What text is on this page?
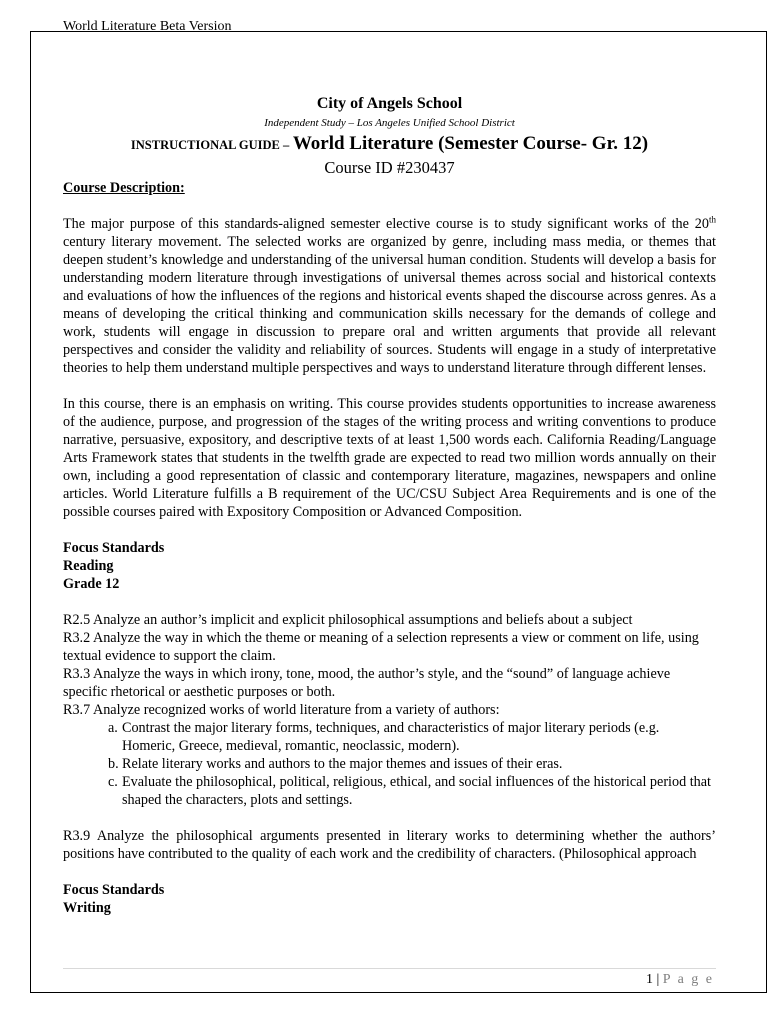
World Literature Beta Version
City of Angels School
Independent Study – Los Angeles Unified School District
INSTRUCTIONAL GUIDE – World Literature (Semester Course- Gr. 12)
Course ID #230437
Course Description:

The major purpose of this standards-aligned semester elective course is to study significant works of the 20th century literary movement. The selected works are organized by genre, including mass media, or themes that deepen student’s knowledge and understanding of the universal human condition. Students will develop a basis for understanding modern literature through investigations of universal themes across social and historical contexts and evaluations of how the influences of the regions and historical events shaped the discourse across genres. As a means of developing the critical thinking and communication skills necessary for the demands of college and work, students will engage in discussion to prepare oral and written arguments that provide all relevant perspectives and consider the validity and reliability of sources. Students will engage in a study of interpretative theories to help them understand multiple perspectives and ways to understand literature through different lenses.

In this course, there is an emphasis on writing. This course provides students opportunities to increase awareness of the audience, purpose, and progression of the stages of the writing process and writing conventions to produce narrative, persuasive, expository, and descriptive texts of at least 1,500 words each. California Reading/Language Arts Framework states that students in the twelfth grade are expected to read two million words annually on their own, including a good representation of classic and contemporary literature, magazines, newspapers and online articles. World Literature fulfills a B requirement of the UC/CSU Subject Area Requirements and is one of the possible courses paired with Expository Composition or Advanced Composition.

Focus Standards
Reading
Grade 12

R2.5 Analyze an author’s implicit and explicit philosophical assumptions and beliefs about a subject

R3.2 Analyze the way in which the theme or meaning of a selection represents a view or comment on life, using textual evidence to support the claim.

R3.3 Analyze the ways in which irony, tone, mood, the author’s style, and the “sound” of language achieve specific rhetorical or aesthetic purposes or both.

R3.7 Analyze recognized works of world literature from a variety of authors:

a. Contrast the major literary forms, techniques, and characteristics of major literary periods (e.g. Homeric, Greece, medieval, romantic, neoclassic, modern).
b. Relate literary works and authors to the major themes and issues of their eras.
c. Evaluate the philosophical, political, religious, ethical, and social influences of the historical period that shaped the characters, plots and settings.

R3.9 Analyze the philosophical arguments presented in literary works to determining whether the authors’ positions have contributed to the quality of each work and the credibility of characters. (Philosophical approach

Focus Standards
Writing
1 | P a g e
